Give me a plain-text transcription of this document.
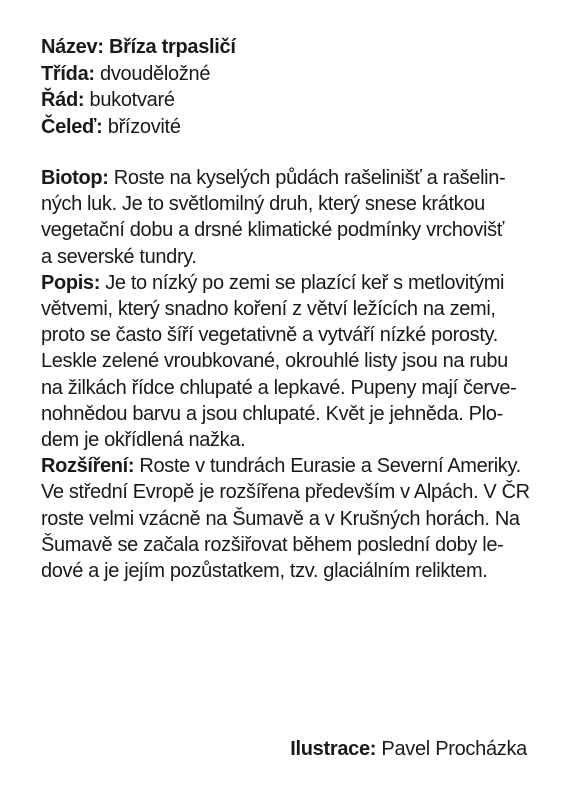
Název: Bříza trpasličí
Třída: dvouděložné
Řád: bukotvaré
Čeleď: břízovité
Biotop: Roste na kyselých půdách rašelinišť a rašelin-
ných luk. Je to světlomilný druh, který snese krátkou
vegetační dobu a drsné klimatické podmínky vrchovišť
a severské tundry.
Popis: Je to nízký po zemi se plazící keř s metlovitými
větvemi, který snadno koření z větví ležících na zemi,
proto se často šíří vegetativně a vytváří nízké porosty.
Leskle zelené vroubkované, okrouhlé listy jsou na rubu
na žilkách řídce chlupaté a lepkavé. Pupeny mají červe-
nohnědou barvu a jsou chlupaté. Květ je jehněda. Plo-
dem je okřídlená nažka.
Rozšíření: Roste v tundrách Eurasie a Severní Ameriky.
Ve střední Evropě je rozšířena především v Alpách. V ČR
roste velmi vzácně na Šumavě a v Krušných horách. Na
Šumavě se začala rozšiřovat během poslední doby le-
dové a je jejím pozůstatkem, tzv. glaciálním reliktem.
Ilustrace: Pavel Procházka
